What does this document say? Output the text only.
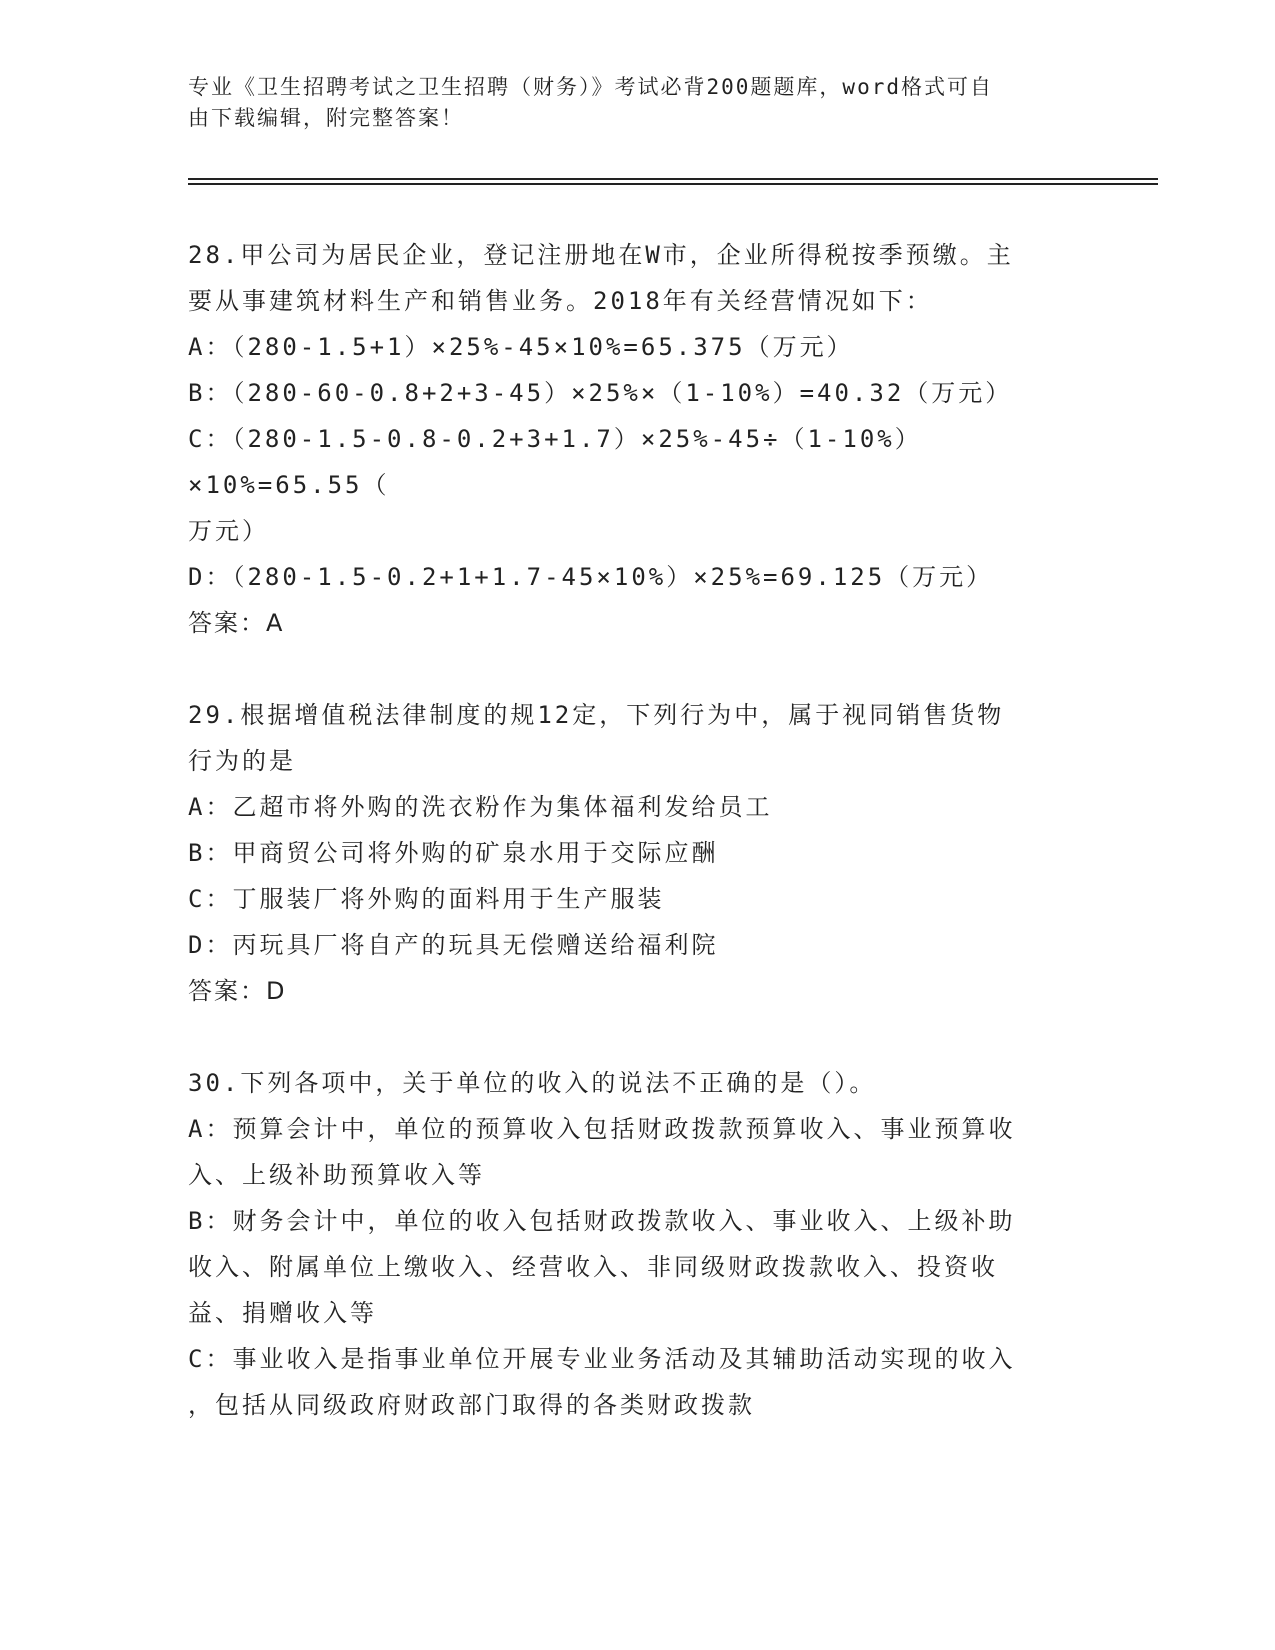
专业《卫生招聘考试之卫生招聘（财务）》考试必背200题题库，word格式可自
由下载编辑，附完整答案！

28.甲公司为居民企业，登记注册地在W市，企业所得税按季预缴。主

要从事建筑材料生产和销售业务。2018年有关经营情况如下：

A：（280-1.5+1）×25%-45×10%=65.375（万元）

B：（280-60-0.8+2+3-45）×25%×（1-10%）=40.32（万元）

C：（280-1.5-0.8-0.2+3+1.7）×25%-45÷（1-10%）×10%=65.55（

万元）

D：（280-1.5-0.2+1+1.7-45×10%）×25%=69.125（万元）

答案：A

29.根据增值税法律制度的规12定，下列行为中，属于视同销售货物

行为的是

A：乙超市将外购的洗衣粉作为集体福利发给员工

B：甲商贸公司将外购的矿泉水用于交际应酬

C：丁服装厂将外购的面料用于生产服装

D：丙玩具厂将自产的玩具无偿赠送给福利院

答案：D

30.下列各项中，关于单位的收入的说法不正确的是（）。

A：预算会计中，单位的预算收入包括财政拨款预算收入、事业预算收

入、上级补助预算收入等

B：财务会计中，单位的收入包括财政拨款收入、事业收入、上级补助

收入、附属单位上缴收入、经营收入、非同级财政拨款收入、投资收

益、捐赠收入等

C：事业收入是指事业单位开展专业业务活动及其辅助活动实现的收入

，包括从同级政府财政部门取得的各类财政拨款
